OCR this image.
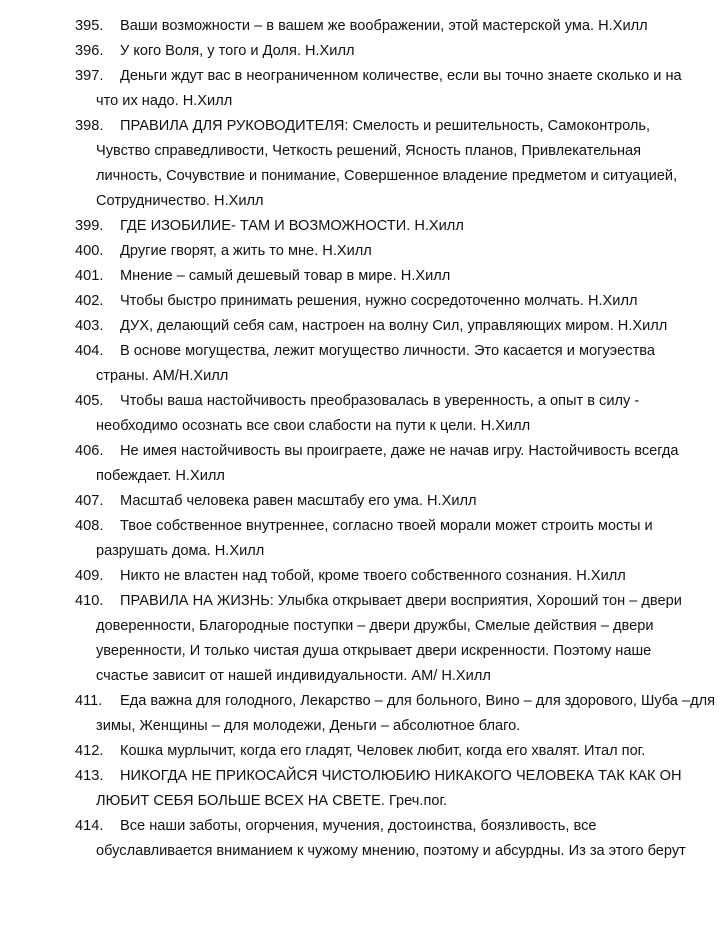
395. Ваши возможности – в вашем же воображении, этой мастерской ума. Н.Хилл
396. У кого Воля, у того и Доля. Н.Хилл
397. Деньги ждут вас в неограниченном количестве, если вы точно знаете сколько и на
что их надо. Н.Хилл
398. ПРАВИЛА ДЛЯ РУКОВОДИТЕЛЯ: Смелость и решительность, Самоконтроль,
Чувство справедливости, Четкость решений, Ясность планов, Привлекательная
личность, Сочувствие и понимание, Совершенное владение предметом и ситуацией,
Сотрудничество. Н.Хилл
399. ГДЕ ИЗОБИЛИЕ- ТАМ И ВОЗМОЖНОСТИ. Н.Хилл
400. Другие гворят, а жить то мне. Н.Хилл
401. Мнение – самый дешевый товар в мире. Н.Хилл
402. Чтобы быстро принимать решения, нужно сосредоточенно молчать. Н.Хилл
403. ДУХ, делающий себя сам, настроен на волну Сил, управляющих миром. Н.Хилл
404. В основе могущества, лежит могущество личности. Это касается и могуэества
страны. АМ/Н.Хилл
405. Чтобы ваша настойчивость преобразовалась в уверенность, а опыт в силу -
необходимо осознать все свои слабости на пути к цели. Н.Хилл
406. Не имея настойчивость вы проиграете, даже не начав игру. Настойчивость всегда
побеждает. Н.Хилл
407. Масштаб человека равен масштабу его ума. Н.Хилл
408. Твое собственное внутреннее, согласно твоей морали может строить мосты и
разрушать дома. Н.Хилл
409. Никто не властен над тобой, кроме твоего собственного сознания. Н.Хилл
410. ПРАВИЛА НА ЖИЗНЬ: Улыбка открывает двери восприятия, Хороший тон – двери
доверенности, Благородные поступки – двери дружбы, Смелые действия – двери
уверенности, И только чистая душа открывает двери искренности. Поэтому наше
счастье зависит от нашей индивидуальности. АМ/ Н.Хилл
411. Еда важна для голодного, Лекарство – для больного, Вино – для здорового, Шуба –для
зимы, Женщины – для молодежи, Деньги – абсолютное благо.
412. Кошка мурлычит, когда его гладят, Человек любит, когда его хвалят. Итал пог.
413. НИКОГДА НЕ ПРИКОСАЙСЯ ЧИСТОЛЮБИЮ НИКАКОГО ЧЕЛОВЕКА ТАК КАК ОН
ЛЮБИТ СЕБЯ БОЛЬШЕ ВСЕХ НА СВЕТЕ. Греч.пог.
414. Все наши заботы, огорчения, мучения, достоинства, боязливость, все
обуславливается вниманием к чужому мнению, поэтому и абсурдны. Из за этого берут
